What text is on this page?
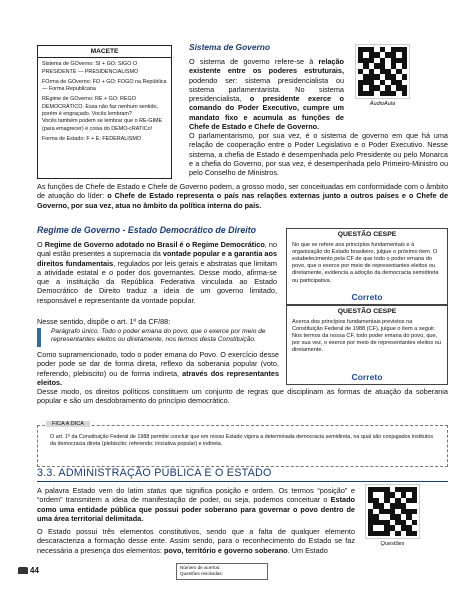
MACETE
Sistema de GOverno: SI + GO: SIGO O PRESIDENTE — PRESIDENCIALISMO
FOrma de GOverno: FO + GO: FOGO na República — Forma Republicana
REgime de GOverno: RE + GO: REGO DEMOCRÁTICO. Essa não faz nenhum sentido, porém é engraçado. Vocês lembram?
Vocês também podem se lembrar que o RE-GIME (para emagrecer) é coisa do DEMO-cRATICo!
Forma de Estado: F + E: FEDERALISMO
Sistema de Governo

O sistema de governo refere-se à relação existente entre os poderes estruturais, podendo ser: sistema presidencialista ou sistema parlamentarista. No sistema presidencialista, o presidente exerce o comando do Poder Executivo, cumpre um mandato fixo e acumula as funções de Chefe de Estado e Chefe de Governo.

O parlamentarismo, por sua vez, é o sistema de governo em que há uma relação de cooperação entre o Poder Legislativo e o Poder Executivo. Nesse sistema, a chefia de Estado é desempenhada pelo Presidente ou pelo Monarca e a chefia do Governo, por sua vez, é desempenhada pelo Primeiro-Ministro ou pelo Conselho de Ministros.

ÁudioAula

As funções de Chefe de Estado e Chefe de Governo podem, a grosso modo, ser conceituadas em conformidade com o âmbito de atuação do líder: o Chefe de Estado representa o país nas relações externas junto a outros países e o Chefe de Governo, por sua vez, atua no âmbito da política interna do país.

Regime de Governo - Estado Democrático de Direito

O Regime de Governo adotado no Brasil é o Regime Democrático, no qual estão presentes a supremacia da vontade popular e a garantia aos direitos fundamentais, regulados por leis gerais e abstratas que limitam a atividade estatal e o poder dos governantes. Desse modo, afirma-se que a instituição da República Federativa vinculada ao Estado Democrático de Direito traduz a ideia de um governo limitado, responsável e representante da vontade popular.

Nesse sentido, dispõe o art. 1º da CF/88:
Parágrafo único. Todo o poder emana do povo, que o exerce por meio de representantes eleitos ou diretamente, nos termos desta Constituição.

Como supramencionado, todo o poder emana do Povo. O exercício desse poder pode se dar de forma direta, reflexo da soberania popular (voto, referendo, plebiscito) ou de forma indireta, através dos representantes eleitos.

Desse modo, os direitos políticos constituem um conjunto de regras que disciplinam as formas de atuação da soberania popular e são um desdobramento do princípio democrático.

QUESTÃO CESPE
No que se refere aos princípios fundamentais e à organização do Estado brasileiro, julgue o próximo item. O estabelecimento pela CF de que todo o poder emana do povo, que o exerce por meio de representantes eleitos ou diretamente, evidencia a adoção da democracia semidireta ou participativa.
Correto
QUESTÃO CESPE
Acerca dos princípios fundamentais previstos na Constituição Federal de 1988 (CF), julgue o item a seguir. Nos termos da nossa CF, todo poder emana do povo, que, por sua vez, o exerce por meio de representantes eleitos ou diretamente.
Correto
FICA A DICA
O art. 1º da Constituição Federal de 1988 permite concluir que em nosso Estado vigora a determinada democracia semidireta, na qual são conjugados institutos da democracia direta (plebiscito; referendo; iniciativa popular) e indireta.
3.3. ADMINISTRAÇÃO PÚBLICA E O ESTADO

A palavra Estado vem do latim status que significa posição e ordem. Os termos “posição” e “ordem” transmitem a ideia de manifestação de poder, ou seja, podemos conceituar o Estado como uma entidade pública que possui poder soberano para governar o povo dentro de uma área territorial delimitada.

O Estado possui três elementos constitutivos, sendo que a falta de qualquer elemento descaracteriza a formação desse ente. Assim sendo, para o reconhecimento do Estado se faz necessária a presença dos elementos: povo, território e governo soberano. Um Estado

Questões
44	Número de acertos:
Questões resolvidas:
